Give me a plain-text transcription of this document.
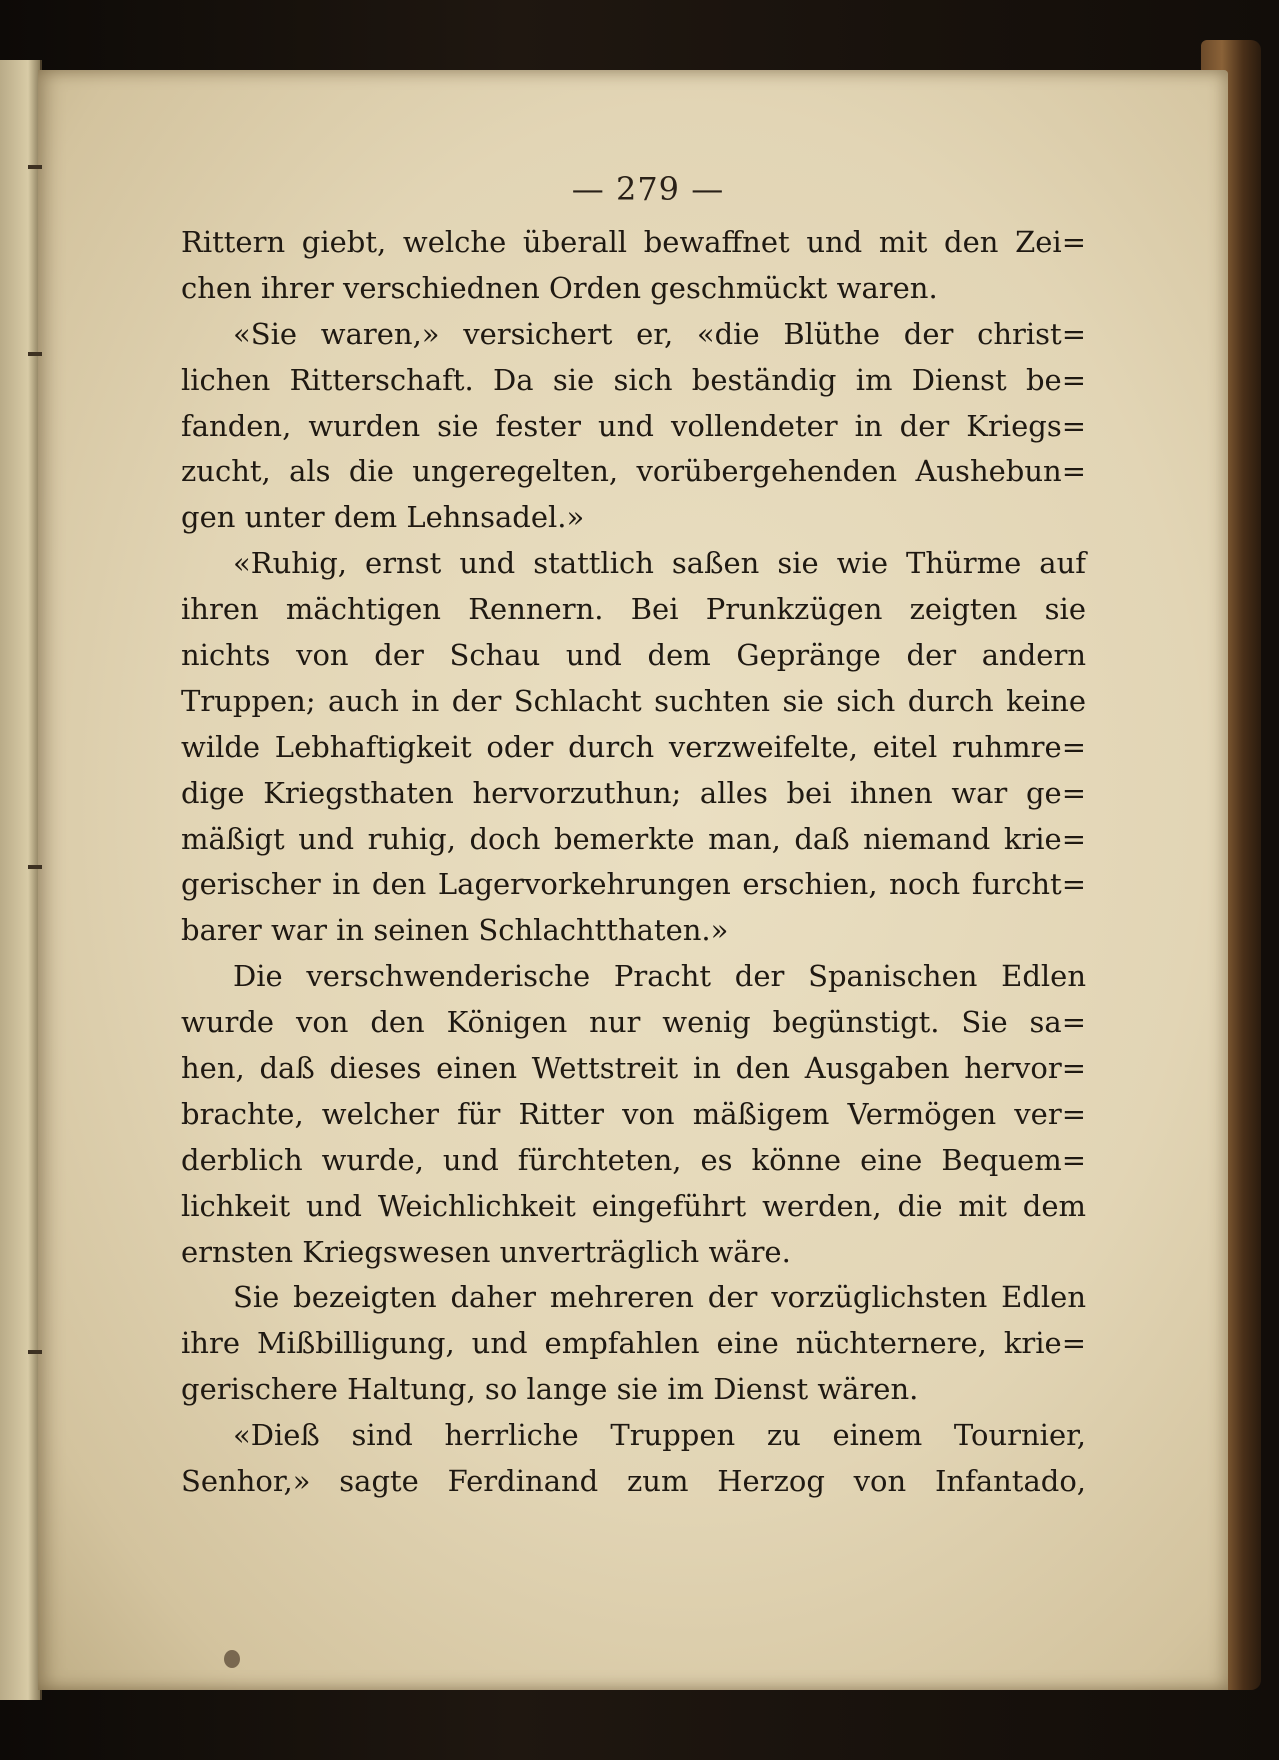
— 279 —
Rittern giebt, welche überall bewaffnet und mit den Zei=
chen ihrer verschiednen Orden geschmückt waren.
«Sie waren,» versichert er, «die Blüthe der christ=
lichen Ritterschaft. Da sie sich beständig im Dienst be=
fanden, wurden sie fester und vollendeter in der Kriegs=
zucht, als die ungeregelten, vorübergehenden Aushebun=
gen unter dem Lehnsadel.»
«Ruhig, ernst und stattlich saßen sie wie Thürme auf
ihren mächtigen Rennern. Bei Prunkzügen zeigten sie
nichts von der Schau und dem Gepränge der andern
Truppen; auch in der Schlacht suchten sie sich durch keine
wilde Lebhaftigkeit oder durch verzweifelte, eitel ruhmre=
dige Kriegsthaten hervorzuthun; alles bei ihnen war ge=
mäßigt und ruhig, doch bemerkte man, daß niemand krie=
gerischer in den Lagervorkehrungen erschien, noch furcht=
barer war in seinen Schlachtthaten.»
Die verschwenderische Pracht der Spanischen Edlen
wurde von den Königen nur wenig begünstigt. Sie sa=
hen, daß dieses einen Wettstreit in den Ausgaben hervor=
brachte, welcher für Ritter von mäßigem Vermögen ver=
derblich wurde, und fürchteten, es könne eine Bequem=
lichkeit und Weichlichkeit eingeführt werden, die mit dem
ernsten Kriegswesen unverträglich wäre.
Sie bezeigten daher mehreren der vorzüglichsten Edlen
ihre Mißbilligung, und empfahlen eine nüchternere, krie=
gerischere Haltung, so lange sie im Dienst wären.
«Dieß sind herrliche Truppen zu einem Tournier,
Senhor,» sagte Ferdinand zum Herzog von Infantado,
